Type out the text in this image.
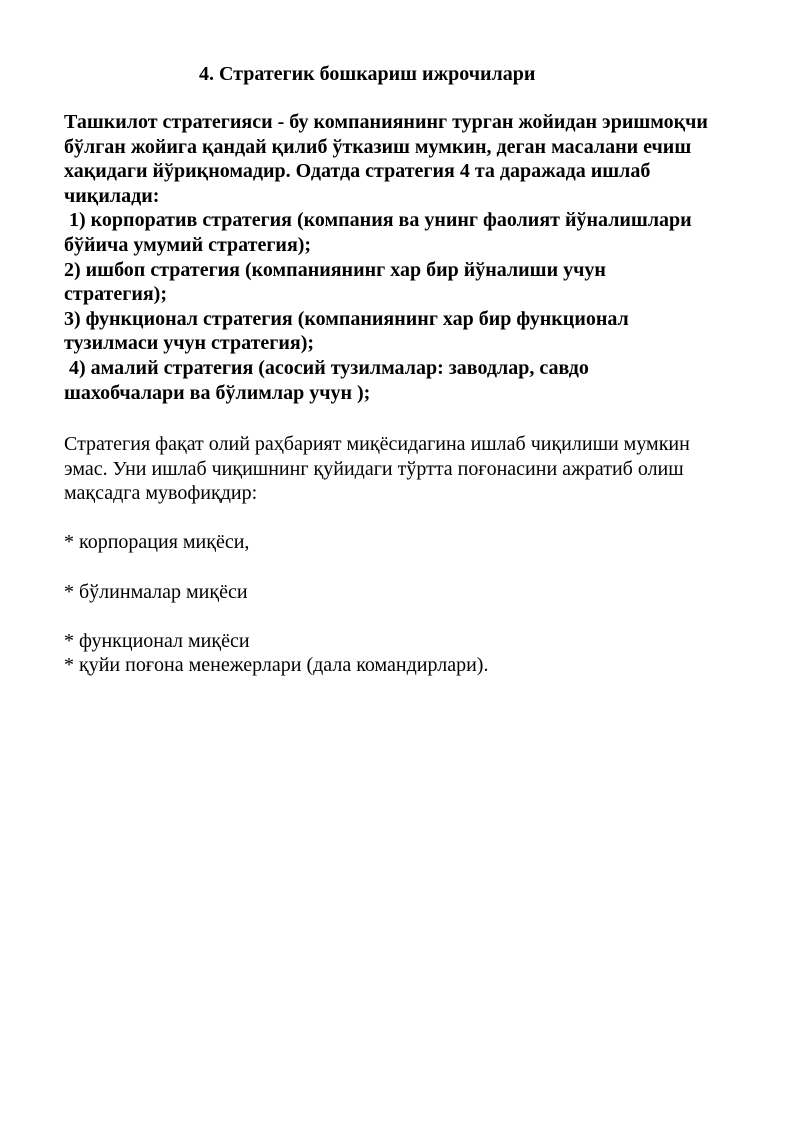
4. Стратегик бошкариш ижрочилари
Ташкилот стратегияси - бу компаниянинг турган жойидан эришмоқчи
бўлган жойига қандай қилиб ўтказиш мумкин, деган масалани ечиш
хақидаги йўриқномадир. Одатда стратегия 4 та даражада ишлаб
чиқилади:
1) корпоратив стратегия (компания ва унинг фаолият йўналишлари
бўйича умумий стратегия);
2) ишбоп стратегия (компаниянинг хар бир йўналиши учун
стратегия);
3) функционал стратегия (компаниянинг хар бир функционал
тузилмаси учун стратегия);
4) амалий стратегия (асосий тузилмалар: заводлар, савдо
шахобчалари ва бўлимлар учун );
Стратегия фақат олий раҳбарият миқёсидагина ишлаб чиқилиши мумкин
эмас. Уни ишлаб чиқишнинг қуйидаги тўртта поғонасини ажратиб олиш
мақсадга мувофиқдир:
* корпорация миқёси,
* бўлинмалар миқёси
* функционал миқёси
* қуйи поғона менежерлари (дала командирлари).
